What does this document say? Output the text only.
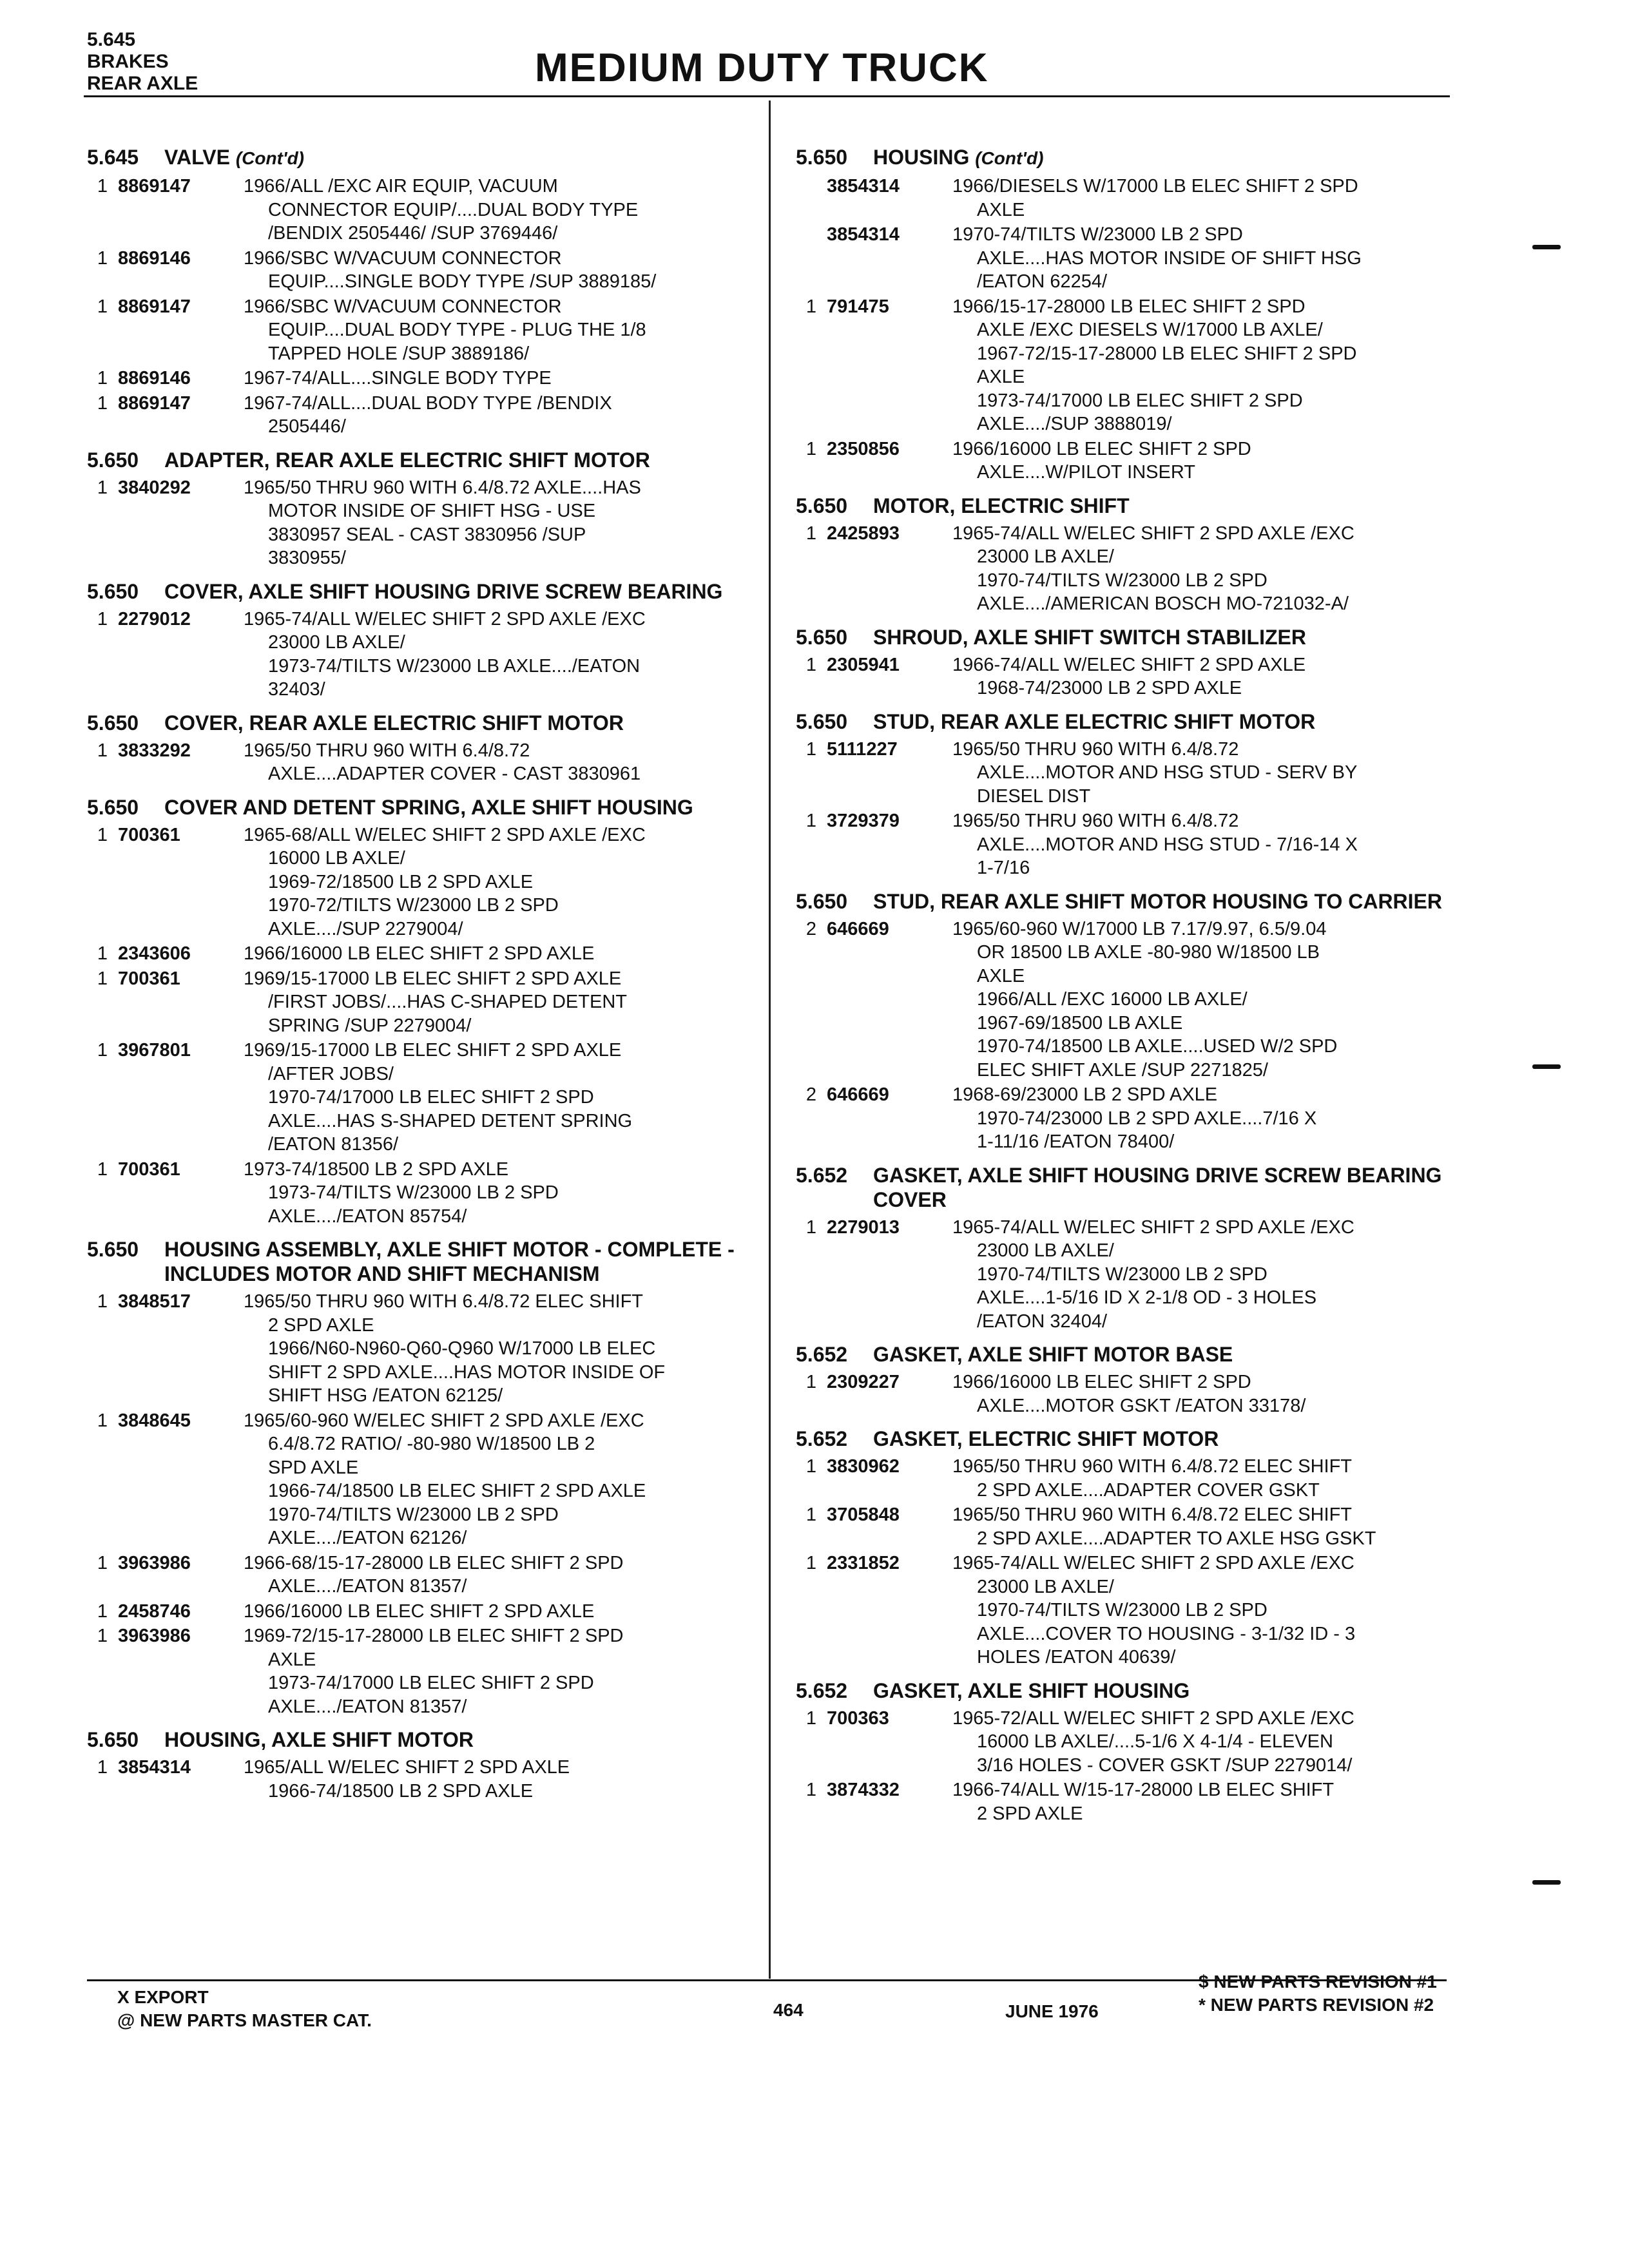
5.645
BRAKES
REAR AXLE	MEDIUM DUTY TRUCK
5.645	VALVE (Cont'd)
1 8869147	1966/ALL /EXC AIR EQUIP, VACUUM
CONNECTOR EQUIP/....DUAL BODY TYPE
/BENDIX 2505446/ /SUP 3769446/
1 8869146	1966/SBC W/VACUUM CONNECTOR
EQUIP....SINGLE BODY TYPE /SUP 3889185/
1 8869147	1966/SBC W/VACUUM CONNECTOR
EQUIP....DUAL BODY TYPE - PLUG THE 1/8
TAPPED HOLE /SUP 3889186/
1 8869146	1967-74/ALL....SINGLE BODY TYPE
1 8869147	1967-74/ALL....DUAL BODY TYPE /BENDIX
2505446/
5.650	ADAPTER, REAR AXLE ELECTRIC SHIFT MOTOR
1 3840292	1965/50 THRU 960 WITH 6.4/8.72 AXLE....HAS
MOTOR INSIDE OF SHIFT HSG - USE
3830957 SEAL - CAST 3830956 /SUP
3830955/
5.650	COVER, AXLE SHIFT HOUSING DRIVE SCREW BEARING
1 2279012	1965-74/ALL W/ELEC SHIFT 2 SPD AXLE /EXC
23000 LB AXLE/
1973-74/TILTS W/23000 LB AXLE..../EATON
32403/
5.650	COVER, REAR AXLE ELECTRIC SHIFT MOTOR
1 3833292	1965/50 THRU 960 WITH 6.4/8.72
AXLE....ADAPTER COVER - CAST 3830961
5.650	COVER AND DETENT SPRING, AXLE SHIFT HOUSING
1 700361	1965-68/ALL W/ELEC SHIFT 2 SPD AXLE /EXC
16000 LB AXLE/
1969-72/18500 LB 2 SPD AXLE
1970-72/TILTS W/23000 LB 2 SPD
AXLE..../SUP 2279004/
1 2343606	1966/16000 LB ELEC SHIFT 2 SPD AXLE
1 700361	1969/15-17000 LB ELEC SHIFT 2 SPD AXLE
/FIRST JOBS/....HAS C-SHAPED DETENT
SPRING /SUP 2279004/
1 3967801	1969/15-17000 LB ELEC SHIFT 2 SPD AXLE
/AFTER JOBS/
1970-74/17000 LB ELEC SHIFT 2 SPD
AXLE....HAS S-SHAPED DETENT SPRING
/EATON 81356/
1 700361	1973-74/18500 LB 2 SPD AXLE
1973-74/TILTS W/23000 LB 2 SPD
AXLE..../EATON 85754/
5.650	HOUSING ASSEMBLY, AXLE SHIFT MOTOR - COMPLETE - INCLUDES MOTOR AND SHIFT MECHANISM
1 3848517	1965/50 THRU 960 WITH 6.4/8.72 ELEC SHIFT
2 SPD AXLE
1966/N60-N960-Q60-Q960 W/17000 LB ELEC
SHIFT 2 SPD AXLE....HAS MOTOR INSIDE OF
SHIFT HSG /EATON 62125/
1 3848645	1965/60-960 W/ELEC SHIFT 2 SPD AXLE /EXC
6.4/8.72 RATIO/ -80-980 W/18500 LB 2
SPD AXLE
1966-74/18500 LB ELEC SHIFT 2 SPD AXLE
1970-74/TILTS W/23000 LB 2 SPD
AXLE..../EATON 62126/
1 3963986	1966-68/15-17-28000 LB ELEC SHIFT 2 SPD
AXLE..../EATON 81357/
1 2458746	1966/16000 LB ELEC SHIFT 2 SPD AXLE
1 3963986	1969-72/15-17-28000 LB ELEC SHIFT 2 SPD
AXLE
1973-74/17000 LB ELEC SHIFT 2 SPD
AXLE..../EATON 81357/
5.650	HOUSING, AXLE SHIFT MOTOR
1 3854314	1965/ALL W/ELEC SHIFT 2 SPD AXLE
1966-74/18500 LB 2 SPD AXLE
5.650	HOUSING (Cont'd)
3854314	1966/DIESELS W/17000 LB ELEC SHIFT 2 SPD
AXLE
3854314	1970-74/TILTS W/23000 LB 2 SPD
AXLE....HAS MOTOR INSIDE OF SHIFT HSG
/EATON 62254/
1 791475	1966/15-17-28000 LB ELEC SHIFT 2 SPD
AXLE /EXC DIESELS W/17000 LB AXLE/
1967-72/15-17-28000 LB ELEC SHIFT 2 SPD
AXLE
1973-74/17000 LB ELEC SHIFT 2 SPD
AXLE..../SUP 3888019/
1 2350856	1966/16000 LB ELEC SHIFT 2 SPD
AXLE....W/PILOT INSERT
5.650	MOTOR, ELECTRIC SHIFT
1 2425893	1965-74/ALL W/ELEC SHIFT 2 SPD AXLE /EXC
23000 LB AXLE/
1970-74/TILTS W/23000 LB 2 SPD
AXLE..../AMERICAN BOSCH MO-721032-A/
5.650	SHROUD, AXLE SHIFT SWITCH STABILIZER
1 2305941	1966-74/ALL W/ELEC SHIFT 2 SPD AXLE
1968-74/23000 LB 2 SPD AXLE
5.650	STUD, REAR AXLE ELECTRIC SHIFT MOTOR
1 5111227	1965/50 THRU 960 WITH 6.4/8.72
AXLE....MOTOR AND HSG STUD - SERV BY
DIESEL DIST
1 3729379	1965/50 THRU 960 WITH 6.4/8.72
AXLE....MOTOR AND HSG STUD - 7/16-14 X
1-7/16
5.650	STUD, REAR AXLE SHIFT MOTOR HOUSING TO CARRIER
2 646669	1965/60-960 W/17000 LB 7.17/9.97, 6.5/9.04
OR 18500 LB AXLE -80-980 W/18500 LB
AXLE
1966/ALL /EXC 16000 LB AXLE/
1967-69/18500 LB AXLE
1970-74/18500 LB AXLE....USED W/2 SPD
ELEC SHIFT AXLE /SUP 2271825/
2 646669	1968-69/23000 LB 2 SPD AXLE
1970-74/23000 LB 2 SPD AXLE....7/16 X
1-11/16 /EATON 78400/
5.652	GASKET, AXLE SHIFT HOUSING DRIVE SCREW BEARING COVER
1 2279013	1965-74/ALL W/ELEC SHIFT 2 SPD AXLE /EXC
23000 LB AXLE/
1970-74/TILTS W/23000 LB 2 SPD
AXLE....1-5/16 ID X 2-1/8 OD - 3 HOLES
/EATON 32404/
5.652	GASKET, AXLE SHIFT MOTOR BASE
1 2309227	1966/16000 LB ELEC SHIFT 2 SPD
AXLE....MOTOR GSKT /EATON 33178/
5.652	GASKET, ELECTRIC SHIFT MOTOR
1 3830962	1965/50 THRU 960 WITH 6.4/8.72 ELEC SHIFT
2 SPD AXLE....ADAPTER COVER GSKT
1 3705848	1965/50 THRU 960 WITH 6.4/8.72 ELEC SHIFT
2 SPD AXLE....ADAPTER TO AXLE HSG GSKT
1 2331852	1965-74/ALL W/ELEC SHIFT 2 SPD AXLE /EXC
23000 LB AXLE/
1970-74/TILTS W/23000 LB 2 SPD
AXLE....COVER TO HOUSING - 3-1/32 ID - 3
HOLES /EATON 40639/
5.652	GASKET, AXLE SHIFT HOUSING
1 700363	1965-72/ALL W/ELEC SHIFT 2 SPD AXLE /EXC
16000 LB AXLE/....5-1/6 X 4-1/4 - ELEVEN
3/16 HOLES - COVER GSKT /SUP 2279014/
1 3874332	1966-74/ALL W/15-17-28000 LB ELEC SHIFT
2 SPD AXLE
X EXPORT
@ NEW PARTS MASTER CAT.
464	JUNE 1976
$ NEW PARTS REVISION #1
* NEW PARTS REVISION #2
